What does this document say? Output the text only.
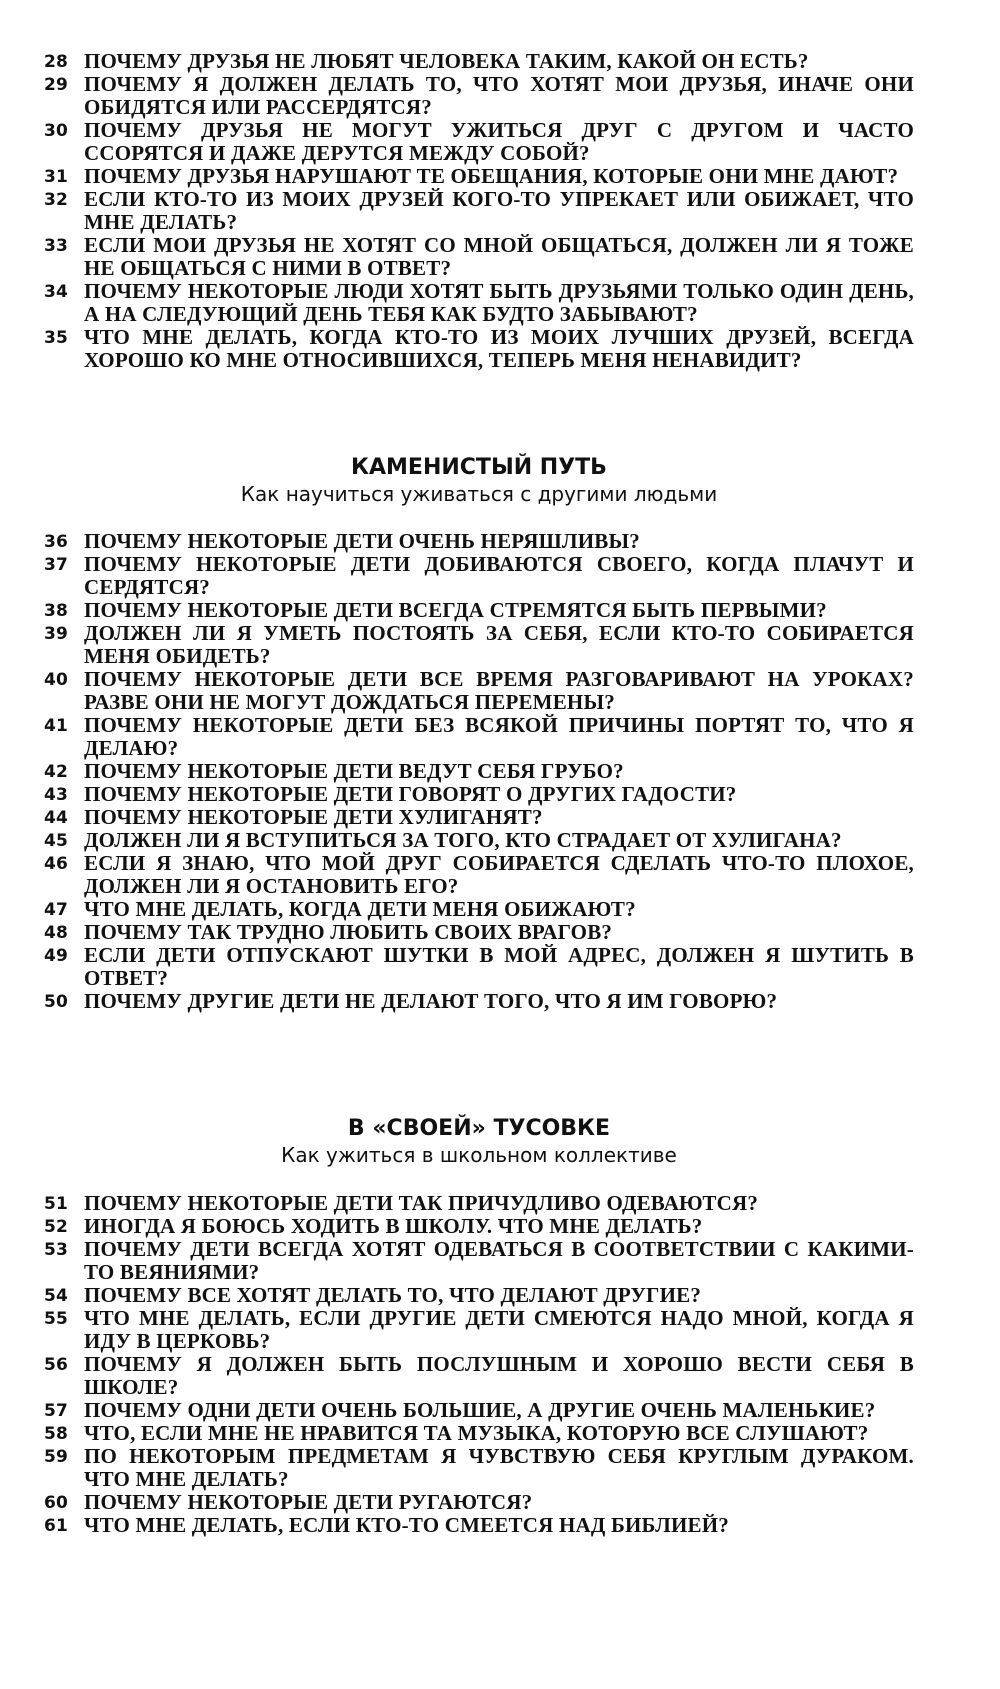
28 ПОЧЕМУ ДРУЗЬЯ НЕ ЛЮБЯТ ЧЕЛОВЕКА ТАКИМ, КАКОЙ ОН ЕСТЬ?
29 ПОЧЕМУ Я ДОЛЖЕН ДЕЛАТЬ ТО, ЧТО ХОТЯТ МОИ ДРУЗЬЯ, ИНАЧЕ ОНИ ОБИДЯТСЯ ИЛИ РАССЕРДЯТСЯ?
30 ПОЧЕМУ ДРУЗЬЯ НЕ МОГУТ УЖИТЬСЯ ДРУГ С ДРУГОМ И ЧАСТО ССОРЯТСЯ И ДАЖЕ ДЕРУТСЯ МЕЖДУ СОБОЙ?
31 ПОЧЕМУ ДРУЗЬЯ НАРУШАЮТ ТЕ ОБЕЩАНИЯ, КОТОРЫЕ ОНИ МНЕ ДАЮТ?
32 ЕСЛИ КТО-ТО ИЗ МОИХ ДРУЗЕЙ КОГО-ТО УПРЕКАЕТ ИЛИ ОБИЖАЕТ, ЧТО МНЕ ДЕЛАТЬ?
33 ЕСЛИ МОИ ДРУЗЬЯ НЕ ХОТЯТ СО МНОЙ ОБЩАТЬСЯ, ДОЛЖЕН ЛИ Я ТОЖЕ НЕ ОБЩАТЬСЯ С НИМИ В ОТВЕТ?
34 ПОЧЕМУ НЕКОТОРЫЕ ЛЮДИ ХОТЯТ БЫТЬ ДРУЗЬЯМИ ТОЛЬКО ОДИН ДЕНЬ, А НА СЛЕДУЮЩИЙ ДЕНЬ ТЕБЯ КАК БУДТО ЗАБЫВАЮТ?
35 ЧТО МНЕ ДЕЛАТЬ, КОГДА КТО-ТО ИЗ МОИХ ЛУЧШИХ ДРУЗЕЙ, ВСЕГДА ХОРОШО КО МНЕ ОТНОСИВШИХСЯ, ТЕПЕРЬ МЕНЯ НЕНАВИДИТ?
КАМЕНИСТЫЙ ПУТЬ
Как научиться уживаться с другими людьми
36 ПОЧЕМУ НЕКОТОРЫЕ ДЕТИ ОЧЕНЬ НЕРЯШЛИВЫ?
37 ПОЧЕМУ НЕКОТОРЫЕ ДЕТИ ДОБИВАЮТСЯ СВОЕГО, КОГДА ПЛАЧУТ И СЕРДЯТСЯ?
38 ПОЧЕМУ НЕКОТОРЫЕ ДЕТИ ВСЕГДА СТРЕМЯТСЯ БЫТЬ ПЕРВЫМИ?
39 ДОЛЖЕН ЛИ Я УМЕТЬ ПОСТОЯТЬ ЗА СЕБЯ, ЕСЛИ КТО-ТО СОБИРАЕТСЯ МЕНЯ ОБИДЕТЬ?
40 ПОЧЕМУ НЕКОТОРЫЕ ДЕТИ ВСЕ ВРЕМЯ РАЗГОВАРИВАЮТ НА УРОКАХ? РАЗВЕ ОНИ НЕ МОГУТ ДОЖДАТЬСЯ ПЕРЕМЕНЫ?
41 ПОЧЕМУ НЕКОТОРЫЕ ДЕТИ БЕЗ ВСЯКОЙ ПРИЧИНЫ ПОРТЯТ ТО, ЧТО Я ДЕЛАЮ?
42 ПОЧЕМУ НЕКОТОРЫЕ ДЕТИ ВЕДУТ СЕБЯ ГРУБО?
43 ПОЧЕМУ НЕКОТОРЫЕ ДЕТИ ГОВОРЯТ О ДРУГИХ ГАДОСТИ?
44 ПОЧЕМУ НЕКОТОРЫЕ ДЕТИ ХУЛИГАНЯТ?
45 ДОЛЖЕН ЛИ Я ВСТУПИТЬСЯ ЗА ТОГО, КТО СТРАДАЕТ ОТ ХУЛИГАНА?
46 ЕСЛИ Я ЗНАЮ, ЧТО МОЙ ДРУГ СОБИРАЕТСЯ СДЕЛАТЬ ЧТО-ТО ПЛОХОЕ, ДОЛЖЕН ЛИ Я ОСТАНОВИТЬ ЕГО?
47 ЧТО МНЕ ДЕЛАТЬ, КОГДА ДЕТИ МЕНЯ ОБИЖАЮТ?
48 ПОЧЕМУ ТАК ТРУДНО ЛЮБИТЬ СВОИХ ВРАГОВ?
49 ЕСЛИ ДЕТИ ОТПУСКАЮТ ШУТКИ В МОЙ АДРЕС, ДОЛЖЕН Я ШУТИТЬ В ОТВЕТ?
50 ПОЧЕМУ ДРУГИЕ ДЕТИ НЕ ДЕЛАЮТ ТОГО, ЧТО Я ИМ ГОВОРЮ?
В «СВОЕЙ» ТУСОВКЕ
Как ужиться в школьном коллективе
51 ПОЧЕМУ НЕКОТОРЫЕ ДЕТИ ТАК ПРИЧУДЛИВО ОДЕВАЮТСЯ?
52 ИНОГДА Я БОЮСЬ ХОДИТЬ В ШКОЛУ. ЧТО МНЕ ДЕЛАТЬ?
53 ПОЧЕМУ ДЕТИ ВСЕГДА ХОТЯТ ОДЕВАТЬСЯ В СООТВЕТСТВИИ С КАКИМИ-ТО ВЕЯНИЯМИ?
54 ПОЧЕМУ ВСЕ ХОТЯТ ДЕЛАТЬ ТО, ЧТО ДЕЛАЮТ ДРУГИЕ?
55 ЧТО МНЕ ДЕЛАТЬ, ЕСЛИ ДРУГИЕ ДЕТИ СМЕЮТСЯ НАДО МНОЙ, КОГДА Я ИДУ В ЦЕРКОВЬ?
56 ПОЧЕМУ Я ДОЛЖЕН БЫТЬ ПОСЛУШНЫМ И ХОРОШО ВЕСТИ СЕБЯ В ШКОЛЕ?
57 ПОЧЕМУ ОДНИ ДЕТИ ОЧЕНЬ БОЛЬШИЕ, А ДРУГИЕ ОЧЕНЬ МАЛЕНЬКИЕ?
58 ЧТО, ЕСЛИ МНЕ НЕ НРАВИТСЯ ТА МУЗЫКА, КОТОРУЮ ВСЕ СЛУШАЮТ?
59 ПО НЕКОТОРЫМ ПРЕДМЕТАМ Я ЧУВСТВУЮ СЕБЯ КРУГЛЫМ ДУРАКОМ. ЧТО МНЕ ДЕЛАТЬ?
60 ПОЧЕМУ НЕКОТОРЫЕ ДЕТИ РУГАЮТСЯ?
61 ЧТО МНЕ ДЕЛАТЬ, ЕСЛИ КТО-ТО СМЕЕТСЯ НАД БИБЛИЕЙ?
